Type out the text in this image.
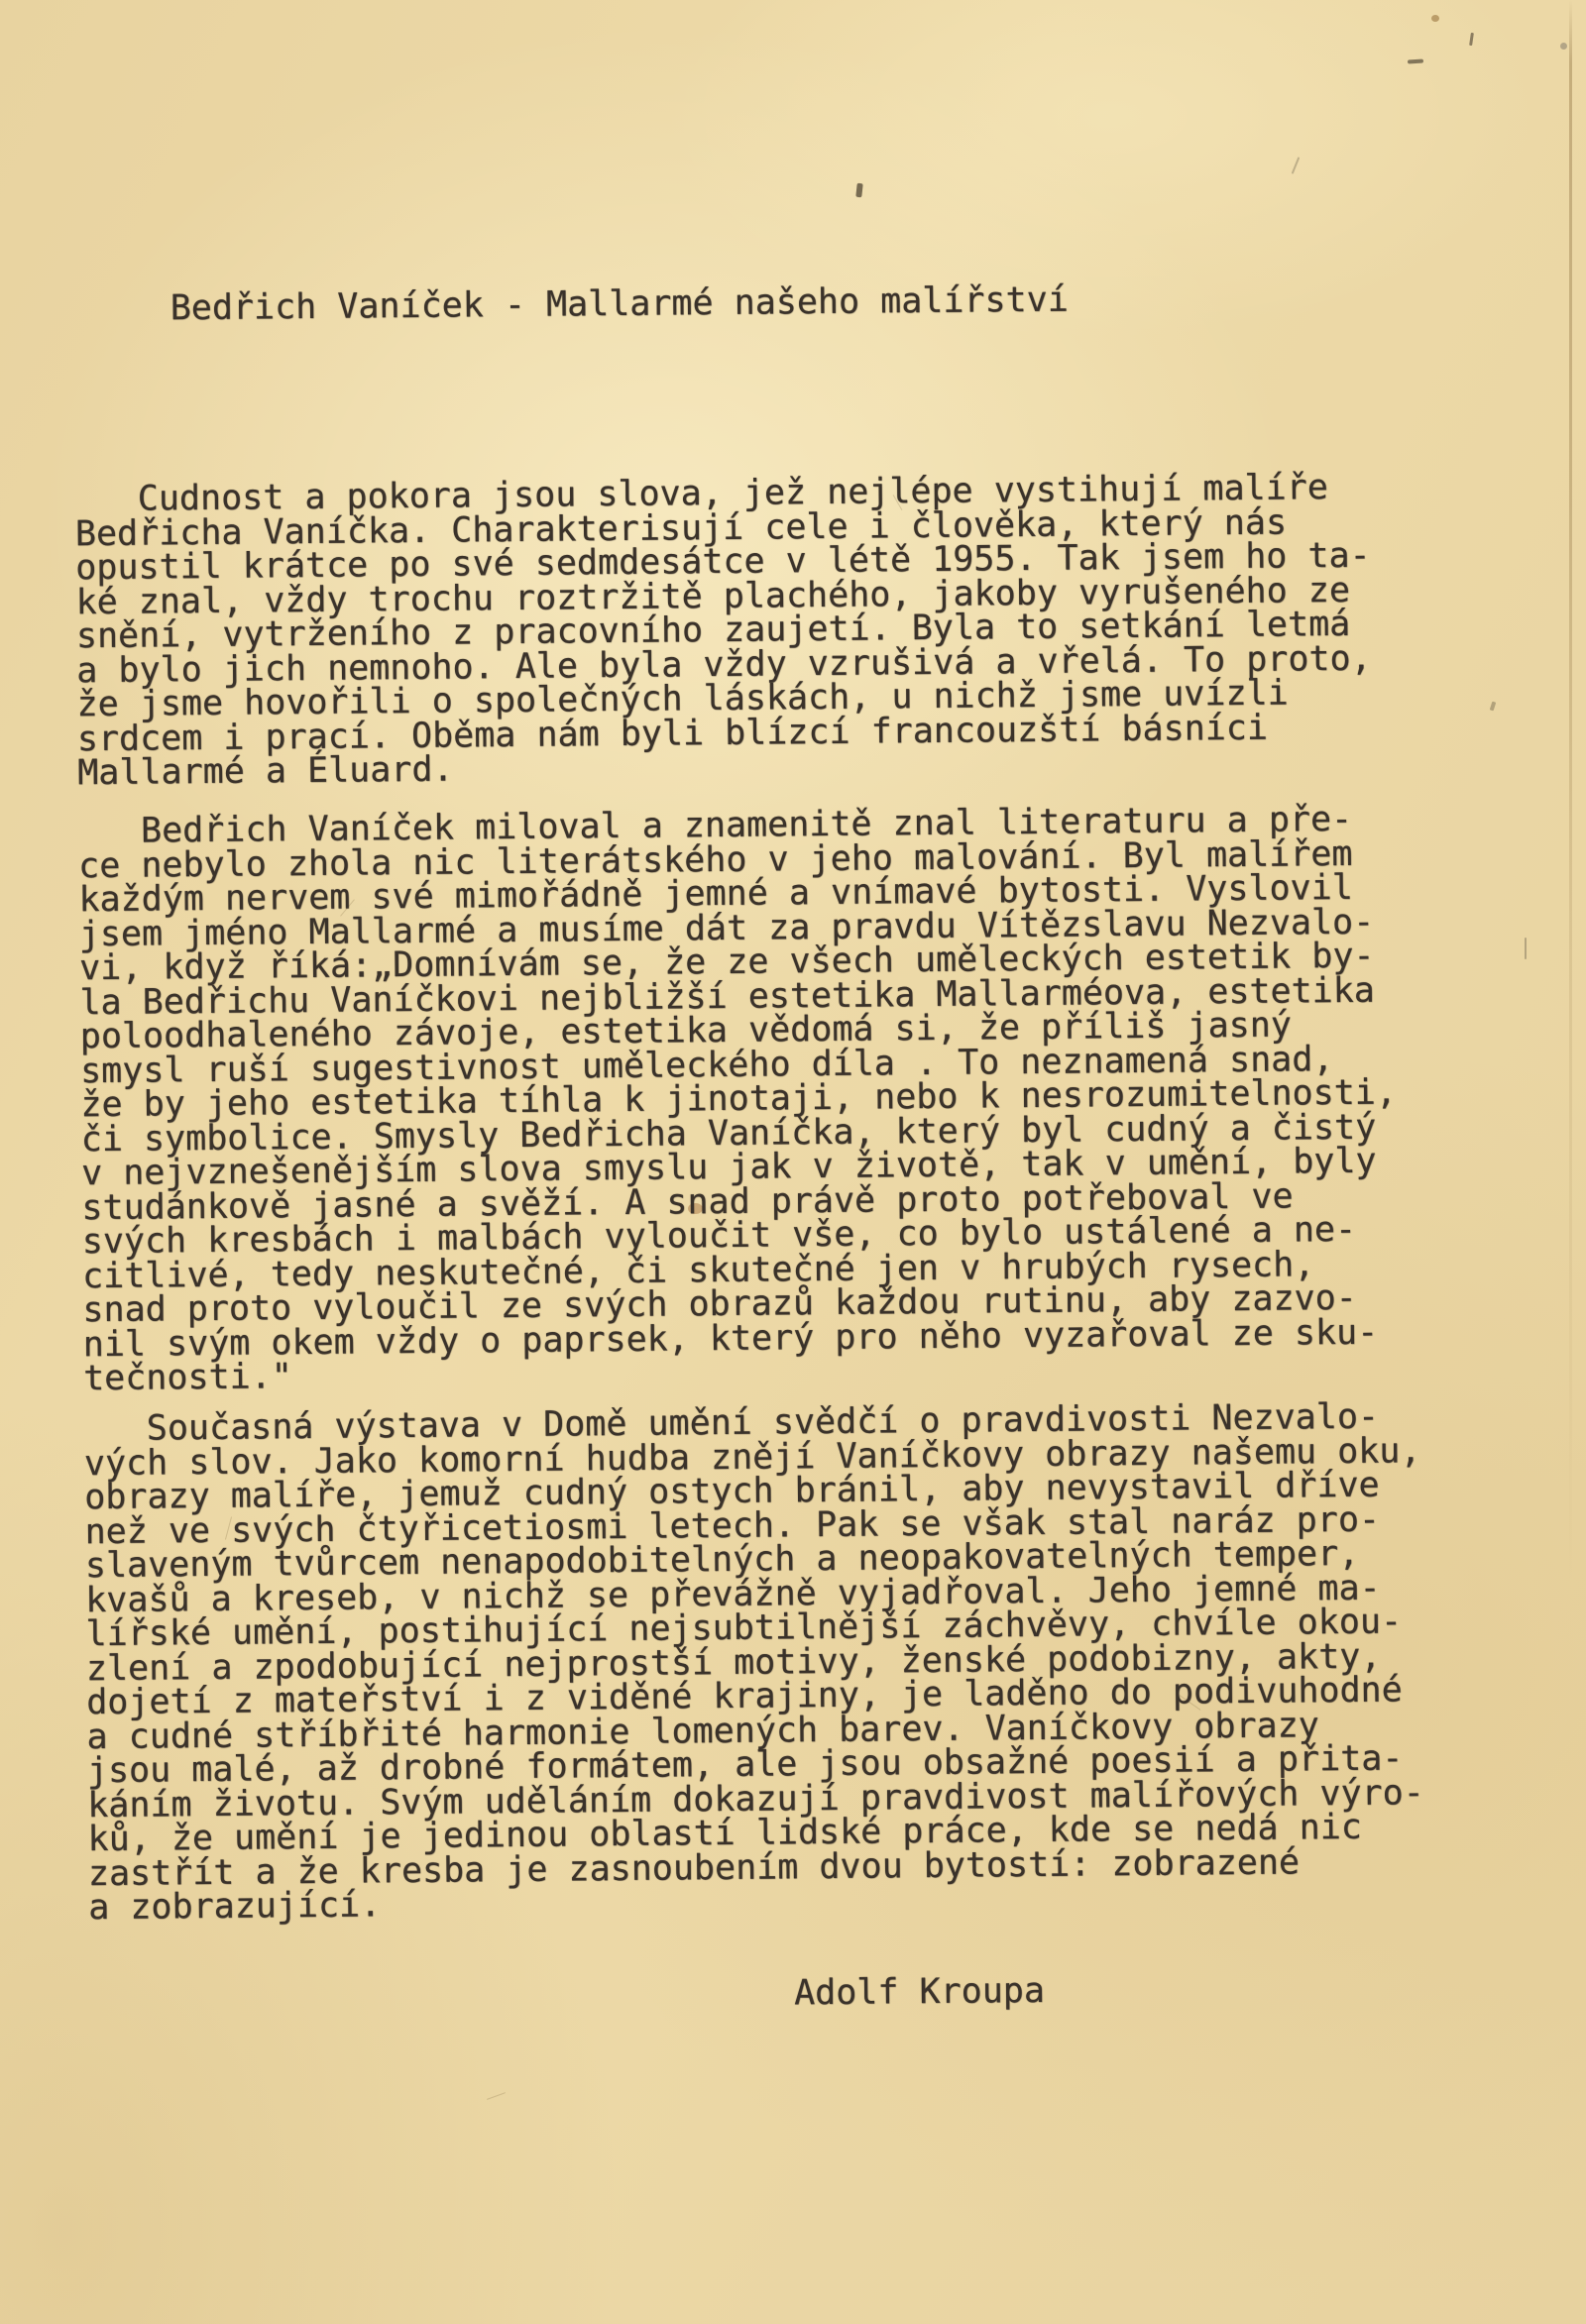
Bedřich Vaníček - Mallarmé našeho malířství
Cudnost a pokora jsou slova, jež nejlépe vystihují malíře
Bedřicha Vaníčka. Charakterisují cele i člověka, který nás
opustil krátce po své sedmdesátce v létě 1955. Tak jsem ho ta-
ké znal, vždy trochu roztržitě plachého, jakoby vyrušeného ze
snění, vytrženího z pracovního zaujetí. Byla to setkání letmá
a bylo jich nemnoho. Ale byla vždy vzrušivá a vřelá. To proto,
že jsme hovořili o společných láskách, u nichž jsme uvízli
srdcem i prací. Oběma nám byli blízcí francouzští básníci
Mallarmé a Éluard.
Bedřich Vaníček miloval a znamenitě znal literaturu a pře-
ce nebylo zhola nic literátského v jeho malování. Byl malířem
každým nervem své mimořádně jemné a vnímavé bytosti. Vyslovil
jsem jméno Mallarmé a musíme dát za pravdu Vítězslavu Nezvalo-
vi, když říká:„Domnívám se, že ze všech uměleckých estetik by-
la Bedřichu Vaníčkovi nejbližší estetika Mallarméova, estetika
poloodhaleného závoje, estetika vědomá si, že příliš jasný
smysl ruší sugestivnost uměleckého díla . To neznamená snad,
že by jeho estetika tíhla k jinotaji, nebo k nesrozumitelnosti,
či symbolice. Smysly Bedřicha Vaníčka, který byl cudný a čistý
v nejvznešenějším slova smyslu jak v životě, tak v umění, byly
studánkově jasné a svěží. A snad právě proto potřeboval ve
svých kresbách i malbách vyloučit vše, co bylo ustálené a ne-
citlivé, tedy neskutečné, či skutečné jen v hrubých rysech,
snad proto vyloučil ze svých obrazů každou rutinu, aby zazvo-
nil svým okem vždy o paprsek, který pro něho vyzařoval ze sku-
tečnosti."
Současná výstava v Domě umění svědčí o pravdivosti Nezvalo-
vých slov. Jako komorní hudba znějí Vaníčkovy obrazy našemu oku,
obrazy malíře, jemuž cudný ostych bránil, aby nevystavil dříve
než ve svých čtyřicetiosmi letech. Pak se však stal naráz pro-
slaveným tvůrcem nenapodobitelných a neopakovatelných temper,
kvašů a kreseb, v nichž se převážně vyjadřoval. Jeho jemné ma-
lířské umění, postihující nejsubtilnější záchvěvy, chvíle okou-
zlení a zpodobující nejprostší motivy, ženské podobizny, akty,
dojetí z mateřství i z viděné krajiny, je laděno do podivuhodné
a cudné stříbřité harmonie lomených barev. Vaníčkovy obrazy
jsou malé, až drobné formátem, ale jsou obsažné poesií a přita-
káním životu. Svým uděláním dokazují pravdivost malířových výro-
ků, že umění je jedinou oblastí lidské práce, kde se nedá nic
zastřít a že kresba je zasnoubením dvou bytostí: zobrazené
a zobrazující.
Adolf Kroupa
